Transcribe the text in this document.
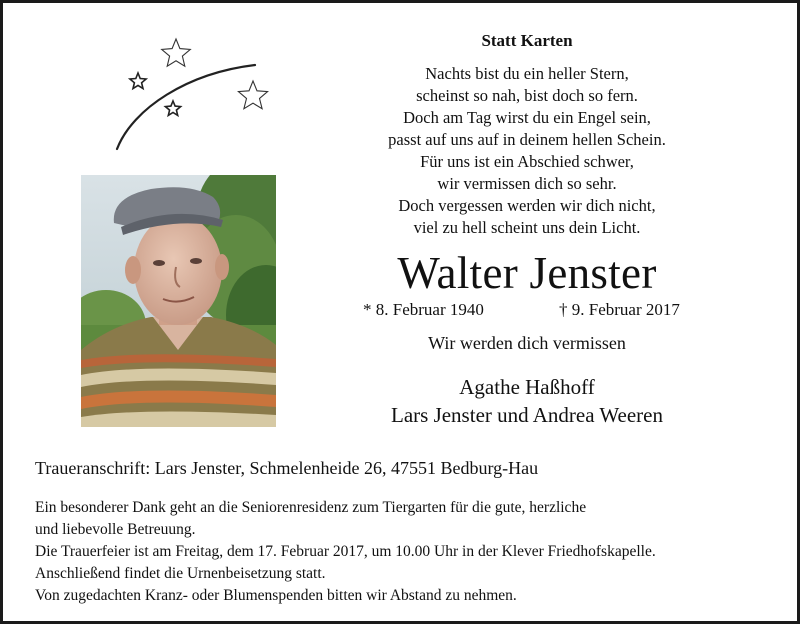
Statt Karten
Nachts bist du ein heller Stern,
scheinst so nah, bist doch so fern.
Doch am Tag wirst du ein Engel sein,
passt auf uns auf in deinem hellen Schein.
Für uns ist ein Abschied schwer,
wir vermissen dich so sehr.
Doch vergessen werden wir dich nicht,
viel zu hell scheint uns dein Licht.
Walter Jenster
* 8. Februar 1940	† 9. Februar 2017
Wir werden dich vermissen
Agathe Haßhoff
Lars Jenster und Andrea Weeren
Traueranschrift: Lars Jenster, Schmelenheide 26, 47551 Bedburg-Hau

Ein besonderer Dank geht an die Seniorenresidenz zum Tiergarten für die gute, herzliche

und liebevolle Betreuung.

Die Trauerfeier ist am Freitag, dem 17. Februar 2017, um 10.00 Uhr in der Klever Friedhofskapelle.

Anschließend findet die Urnenbeisetzung statt.

Von zugedachten Kranz- oder Blumenspenden bitten wir Abstand zu nehmen.
